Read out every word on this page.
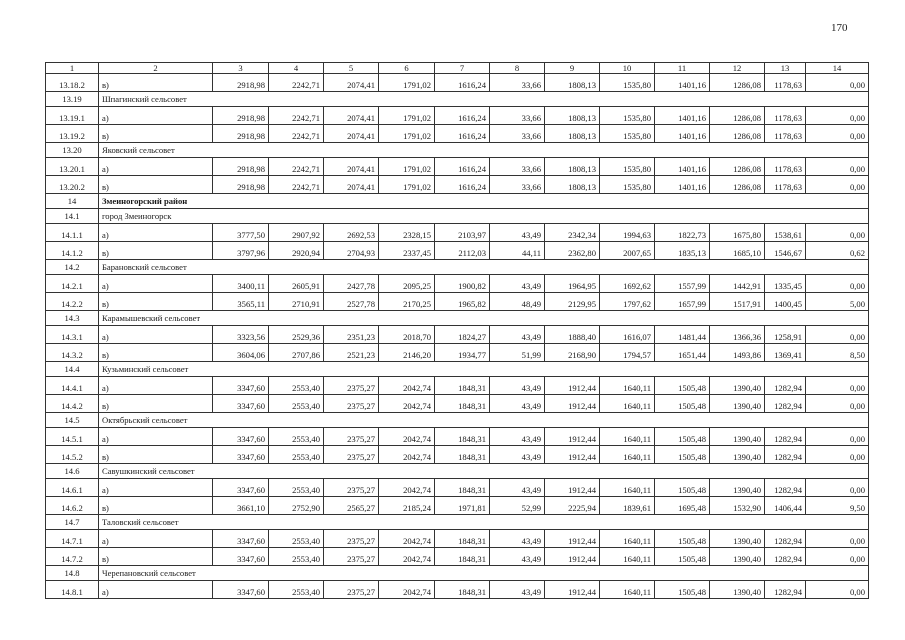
170
1	2	3	4	5	6	7	8	9	10	11	12	13	14
13.18.2	в)	2918,98	2242,71	2074,41	1791,02	1616,24	33,66	1808,13	1535,80	1401,16	1286,08	1178,63	0,00
13.19	Шпагинский сельсовет												
13.19.1	а)	2918,98	2242,71	2074,41	1791,02	1616,24	33,66	1808,13	1535,80	1401,16	1286,08	1178,63	0,00
13.19.2	в)	2918,98	2242,71	2074,41	1791,02	1616,24	33,66	1808,13	1535,80	1401,16	1286,08	1178,63	0,00
13.20	Яковский сельсовет												
13.20.1	а)	2918,98	2242,71	2074,41	1791,02	1616,24	33,66	1808,13	1535,80	1401,16	1286,08	1178,63	0,00
13.20.2	в)	2918,98	2242,71	2074,41	1791,02	1616,24	33,66	1808,13	1535,80	1401,16	1286,08	1178,63	0,00
14	Змеиногорский район												
14.1	город Змеиногорск												
14.1.1	а)	3777,50	2907,92	2692,53	2328,15	2103,97	43,49	2342,34	1994,63	1822,73	1675,80	1538,61	0,00
14.1.2	в)	3797,96	2920,94	2704,93	2337,45	2112,03	44,11	2362,80	2007,65	1835,13	1685,10	1546,67	0,62
14.2	Барановский сельсовет												
14.2.1	а)	3400,11	2605,91	2427,78	2095,25	1900,82	43,49	1964,95	1692,62	1557,99	1442,91	1335,45	0,00
14.2.2	в)	3565,11	2710,91	2527,78	2170,25	1965,82	48,49	2129,95	1797,62	1657,99	1517,91	1400,45	5,00
14.3	Карамышевский сельсовет												
14.3.1	а)	3323,56	2529,36	2351,23	2018,70	1824,27	43,49	1888,40	1616,07	1481,44	1366,36	1258,91	0,00
14.3.2	в)	3604,06	2707,86	2521,23	2146,20	1934,77	51,99	2168,90	1794,57	1651,44	1493,86	1369,41	8,50
14.4	Кузьминский сельсовет												
14.4.1	а)	3347,60	2553,40	2375,27	2042,74	1848,31	43,49	1912,44	1640,11	1505,48	1390,40	1282,94	0,00
14.4.2	в)	3347,60	2553,40	2375,27	2042,74	1848,31	43,49	1912,44	1640,11	1505,48	1390,40	1282,94	0,00
14.5	Октябрьский сельсовет												
14.5.1	а)	3347,60	2553,40	2375,27	2042,74	1848,31	43,49	1912,44	1640,11	1505,48	1390,40	1282,94	0,00
14.5.2	в)	3347,60	2553,40	2375,27	2042,74	1848,31	43,49	1912,44	1640,11	1505,48	1390,40	1282,94	0,00
14.6	Савушкинский сельсовет												
14.6.1	а)	3347,60	2553,40	2375,27	2042,74	1848,31	43,49	1912,44	1640,11	1505,48	1390,40	1282,94	0,00
14.6.2	в)	3661,10	2752,90	2565,27	2185,24	1971,81	52,99	2225,94	1839,61	1695,48	1532,90	1406,44	9,50
14.7	Таловский сельсовет												
14.7.1	а)	3347,60	2553,40	2375,27	2042,74	1848,31	43,49	1912,44	1640,11	1505,48	1390,40	1282,94	0,00
14.7.2	в)	3347,60	2553,40	2375,27	2042,74	1848,31	43,49	1912,44	1640,11	1505,48	1390,40	1282,94	0,00
14.8	Черепановский сельсовет												
14.8.1	а)	3347,60	2553,40	2375,27	2042,74	1848,31	43,49	1912,44	1640,11	1505,48	1390,40	1282,94	0,00
